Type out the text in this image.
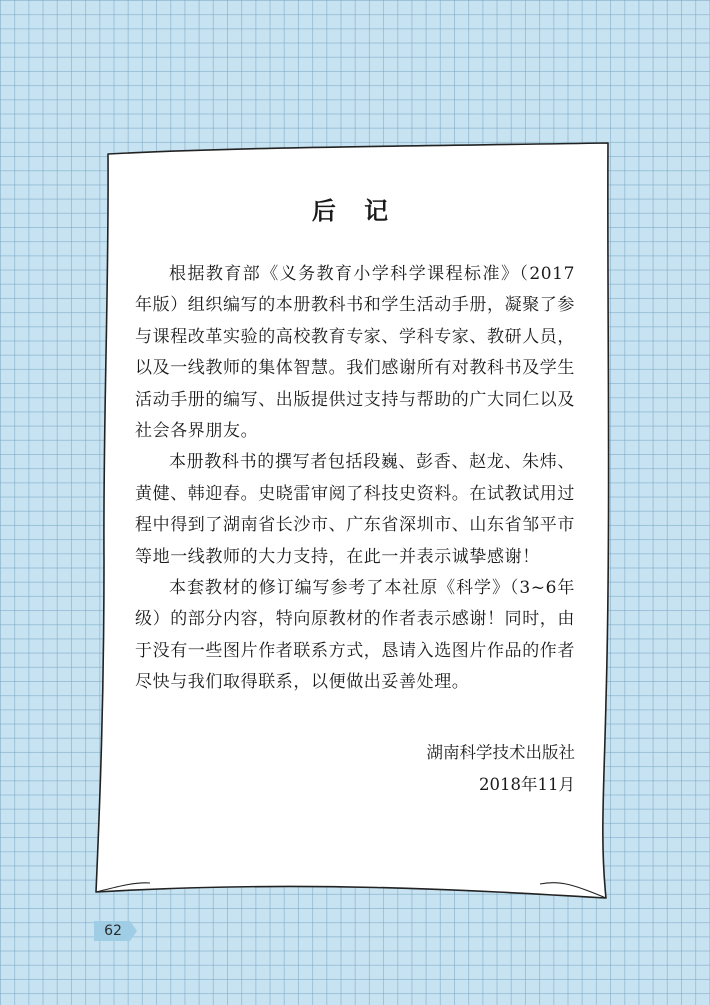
后 记

根据教育部《义务教育小学科学课程标准》（2017年版）组织编写的本册教科书和学生活动手册，凝聚了参与课程改革实验的高校教育专家、学科专家、教研人员，以及一线教师的集体智慧。我们感谢所有对教科书及学生活动手册的编写、出版提供过支持与帮助的广大同仁以及社会各界朋友。

本册教科书的撰写者包括段巍、彭香、赵龙、朱炜、黄健、韩迎春。史晓雷审阅了科技史资料。在试教试用过程中得到了湖南省长沙市、广东省深圳市、山东省邹平市等地一线教师的大力支持，在此一并表示诚挚感谢！

本套教材的修订编写参考了本社原《科学》（3~6年级）的部分内容，特向原教材的作者表示感谢！同时，由于没有一些图片作者联系方式，恳请入选图片作品的作者尽快与我们取得联系，以便做出妥善处理。

湖南科学技术出版社
2018年11月
62
